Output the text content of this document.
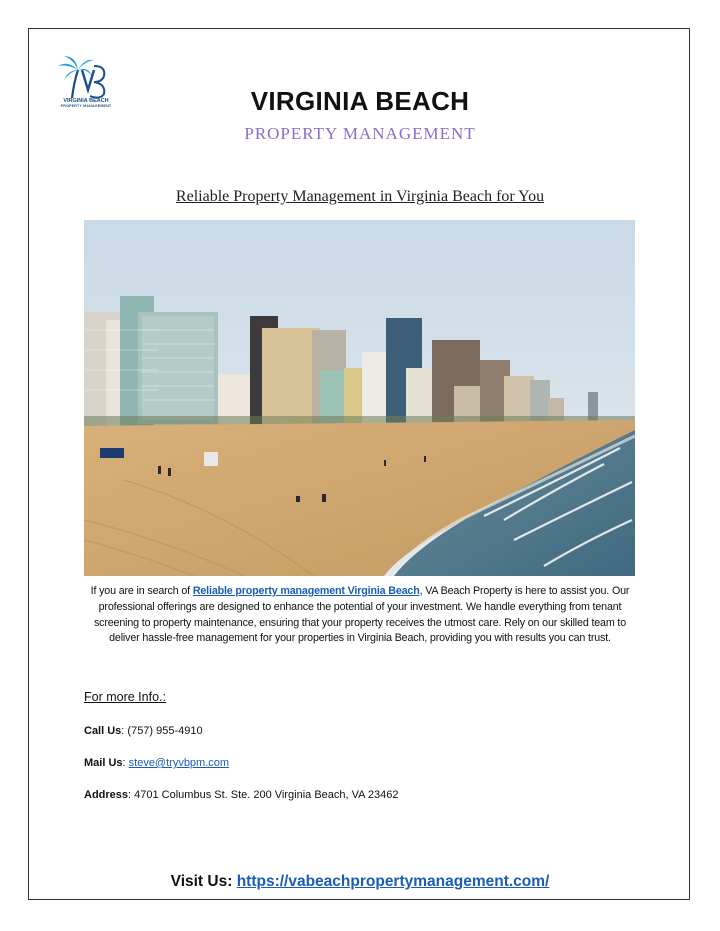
VIRGINIA BEACH
PROPERTY MANAGEMENT	VIRGINIA BEACH
PROPERTY MANAGEMENT
Reliable Property Management in Virginia Beach for You
If you are in search of Reliable property management Virginia Beach, VA Beach Property is here to assist you. Our professional offerings are designed to enhance the potential of your investment. We handle everything from tenant screening to property maintenance, ensuring that your property receives the utmost care. Rely on our skilled team to deliver hassle-free management for your properties in Virginia Beach, providing you with results you can trust.
For more Info.:
Call Us: (757) 955-4910
Mail Us: steve@tryvbpm.com
Address: 4701 Columbus St. Ste. 200 Virginia Beach, VA 23462
Visit Us: https://vabeachpropertymanagement.com/
